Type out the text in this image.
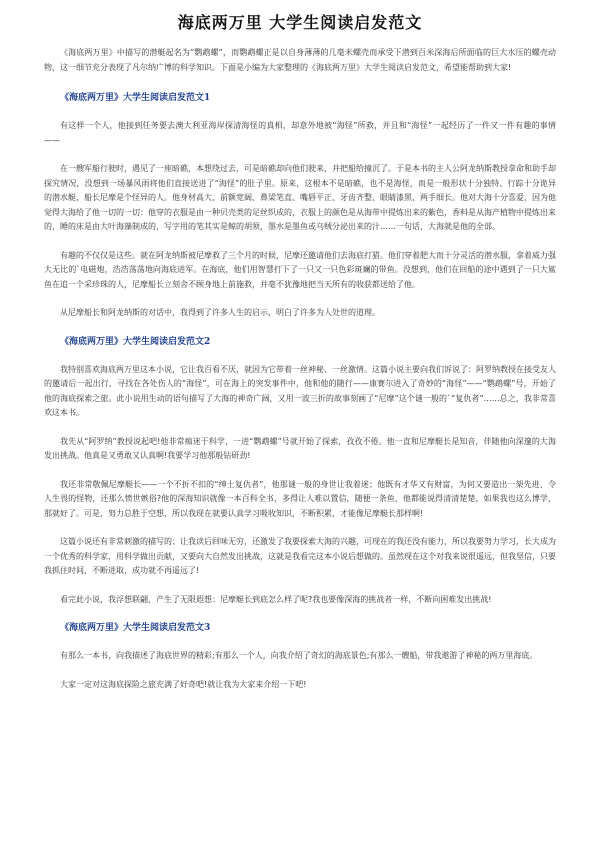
海底两万里 大学生阅读启发范文

《海底两万里》中描写的潜艇起名为“鹦鹉螺”，而鹦鹉螺正是以自身薄薄的几毫米螺壳而承受下潜到百米深海后所面临的巨大水压的螺壳动物，这一细节充分表现了凡尔纳广博的科学知识。下面是小编为大家整理的《海底两万里》大学生阅读启发范文，希望能帮助到大家!

《海底两万里》大学生阅读启发范文1

有这样一个人，他接到任务要去澳大利亚海岸探清海怪的真相，却意外地被“海怪”所救，并且和“海怪”一起经历了一件又一件有趣的事情——

在一艘军船行驶时，遇见了一座暗礁，本想绕过去，可是暗礁却向他们驶来，并把船给撞沉了。于是本书的主人公阿龙纳斯教授拿命和助手却探究情况，没想到一场暴风雨将他们直接送进了“海怪”的肚子里。原来，这根本不是暗礁，也不是海怪，而是一般形状十分独特、行踪十分诡异的潜水艇，船长尼摩是个怪异的人。他身材高大、前额宽阔、鼻梁笔直、嘴唇平正、牙齿齐整、眼睛漆黑、两手细长。他对大海十分喜爱，因为他觉得大海给了他一切的一切：他穿的衣服是由一种贝壳类的足丝织成的，衣服上的颜色是从海带中提炼出来的紫色，香料是从海产植物中提炼出来的，睡的床是由大叶海藻制成的，写字用的笔其实是鲸的胡须，墨水是墨鱼或乌贼分泌出来的汁……一句话，大海就是他的全部。

有趣的不仅仅是这些。就在阿龙纳斯被尼摩救了三个月的时候，尼摩还邀请他们去海底打猎。他们穿着肥大而十分灵活的潜水服，拿着威力强大无比的`电磁炮，浩浩荡荡地向海底进军。在海底，他们用智慧打下了一只又一只色彩斑斓的带鱼。没想到，他们在回船的途中遇到了一只大鲨鱼在追一个采珍珠的人，尼摩船长立刻舍不顾身地上前施救，并毫不犹豫地把当天所有的收获都送给了他。

从尼摩船长和阿龙纳斯的对话中，我得到了许多人生的启示，明白了许多为人处世的道理。

《海底两万里》大学生阅读启发范文2

我特别喜欢海底两万里这本小说，它让我百看不厌，就因为它带着一丝神秘、一丝激情。这篇小说主要向我们诉说了：阿罗纳教授在接受友人的邀请后一起出行，寻找在各处伤人的“海怪”，可在海上的突发事件中，他和他的随行——康赛尔进入了奇妙的“海怪”——“鹦鹉螺”号，开始了他的海底探索之旅。此小说用生动的语句描写了大海的神奇广阔，又用一波三折的故事刻画了“尼摩”这个谜一般的`“复仇者”……总之，我非常喜欢这本书。

我先从“阿罗纳”教授说起吧!他非常痴迷于科学，一进“鹦鹉螺”号就开始了探索，孜孜不倦。他一直和尼摩艇长是知音，伴随他向深邃的大海发出挑战。他真是又勇敢又认真啊!我要学习他那般钻研劲!

我还非常敬佩尼摩艇长——一个不折不扣的“绅士复仇者”，他那谜一般的身世让我着迷；他既有才华又有财富，为何又要造出一架先进、令人生畏的怪物，还那么愤世嫉俗?他的深海知识就像一本百科全书，多得让人难以置信，随便一条鱼，他都能说得清清楚楚，如果我也这么博学，那就好了。可是，努力总胜于空想，所以我现在就要认真学习吸收知识，不断积累，才能像尼摩艇长那样啊!

这篇小说还有非常刺激的描写的；让我读后回味无穷，还激发了我要探索大海的兴趣，可现在的我还没有能力，所以我要努力学习，长大成为一个优秀的科学家，用科学做出贡献，又要向大自然发出挑战，这就是我看完这本小说后想做的。虽然现在这个对我来说很遥远，但我坚信，只要我抓住时间，不断进取，成功就不再遥远了!

看完此小说，我浮想联翩，产生了无限遐想：尼摩艇长到底怎么样了呢?我也要像深海的挑战者一样，不断向困难发出挑战!

《海底两万里》大学生阅读启发范文3

有那么一本书，向我描述了海底世界的精彩;有那么一个人，向我介绍了奇幻的海底景色;有那么一艘船，带我遨游了神秘的两万里海底。

大家一定对这海底探险之旅充满了好奇吧!就让我为大家来介绍一下吧!
